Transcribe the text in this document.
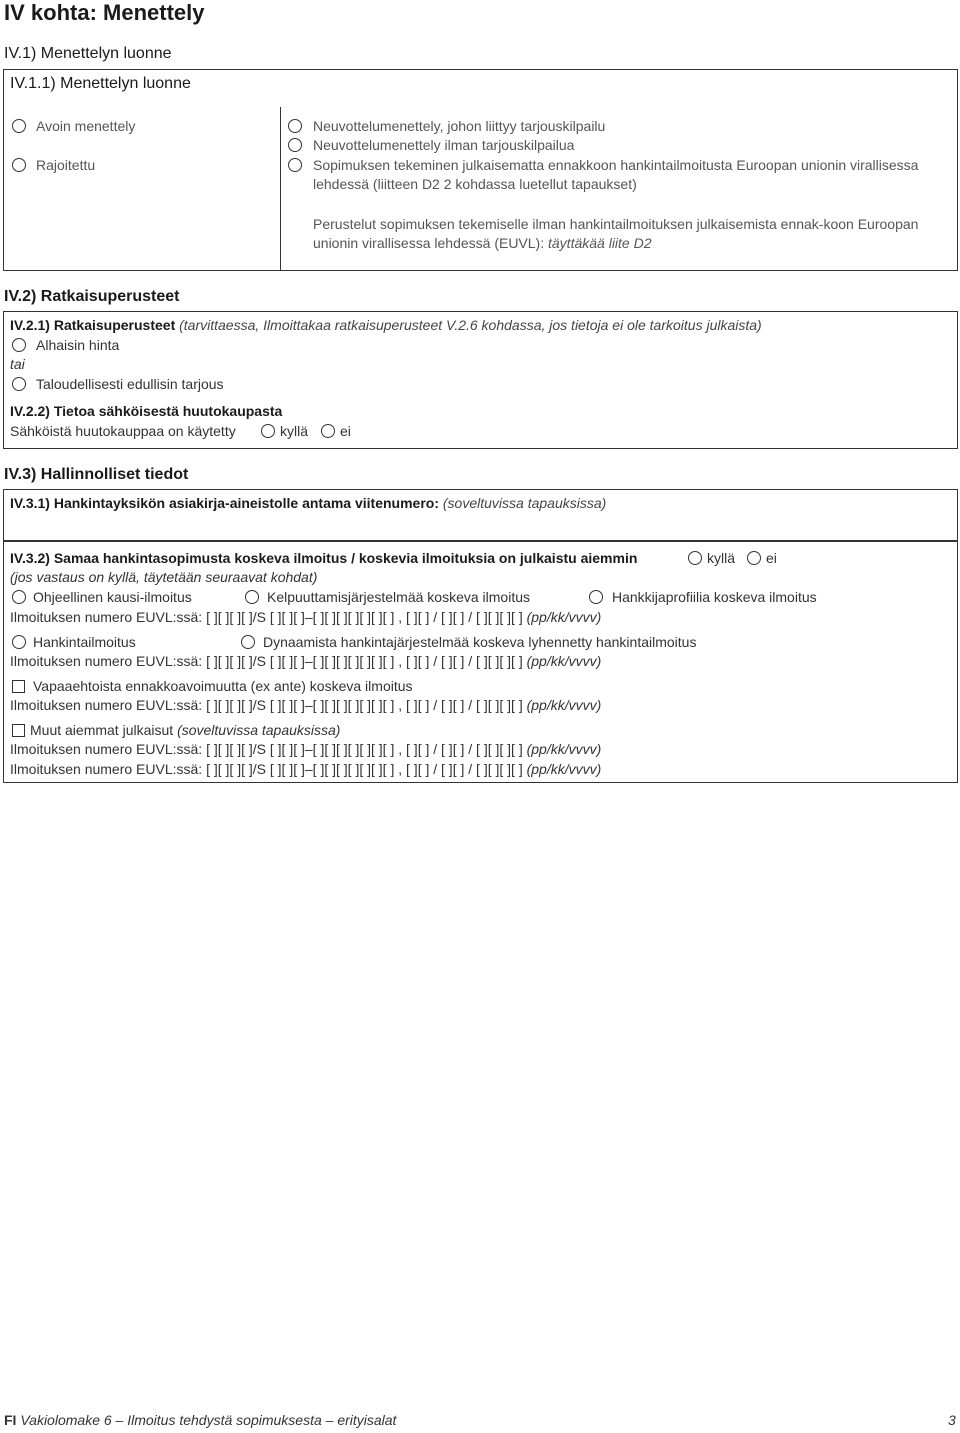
IV kohta: Menettely
IV.1) Menettelyn luonne
IV.1.1) Menettelyn luonne
Avoin menettely
Rajoitettu
Neuvottelumenettely, johon liittyy tarjouskilpailu
Neuvottelumenettely ilman tarjouskilpailua
Sopimuksen tekeminen julkaisematta ennakkoon hankintailmoitusta Euroopan unionin virallisessa
lehdessä (liitteen D2 2 kohdassa luetellut tapaukset)
Perustelut sopimuksen tekemiselle ilman hankintailmoituksen julkaisemista ennak-koon Euroopan
unionin virallisessa lehdessä (EUVL): täyttäkää liite D2
IV.2) Ratkaisuperusteet
IV.2.1) Ratkaisuperusteet (tarvittaessa, Ilmoittakaa ratkaisuperusteet V.2.6 kohdassa, jos tietoja ei ole tarkoitus julkaista)
Alhaisin hinta
tai
Taloudellisesti edullisin tarjous
IV.2.2) Tietoa sähköisestä huutokaupasta
Sähköistä huutokauppaa on käytetty	kyllä ei
IV.3) Hallinnolliset tiedot
IV.3.1) Hankintayksikön asiakirja-aineistolle antama viitenumero: (soveltuvissa tapauksissa)
IV.3.2) Samaa hankintasopimusta koskeva ilmoitus / koskevia ilmoituksia on julkaistu aiemmin	kyllä ei
(jos vastaus on kyllä, täytetään seuraavat kohdat)
Ohjeellinen kausi-ilmoitus	Kelpuuttamisjärjestelmää koskeva ilmoitus	Hankkijaprofiilia koskeva ilmoitus
Ilmoituksen numero EUVL:ssä: [ ][ ][ ][ ]/S [ ][ ][ ]–[ ][ ][ ][ ][ ][ ][ ] , [ ][ ] / [ ][ ] / [ ][ ][ ][ ] (pp/kk/vvvv)
Hankintailmoitus	Dynaamista hankintajärjestelmää koskeva lyhennetty hankintailmoitus
Ilmoituksen numero EUVL:ssä: [ ][ ][ ][ ]/S [ ][ ][ ]–[ ][ ][ ][ ][ ][ ][ ] , [ ][ ] / [ ][ ] / [ ][ ][ ][ ] (pp/kk/vvvv)
Vapaaehtoista ennakkoavoimuutta (ex ante) koskeva ilmoitus
Ilmoituksen numero EUVL:ssä: [ ][ ][ ][ ]/S [ ][ ][ ]–[ ][ ][ ][ ][ ][ ][ ] , [ ][ ] / [ ][ ] / [ ][ ][ ][ ] (pp/kk/vvvv)
Muut aiemmat julkaisut (soveltuvissa tapauksissa)
Ilmoituksen numero EUVL:ssä: [ ][ ][ ][ ]/S [ ][ ][ ]–[ ][ ][ ][ ][ ][ ][ ] , [ ][ ] / [ ][ ] / [ ][ ][ ][ ] (pp/kk/vvvv)
Ilmoituksen numero EUVL:ssä: [ ][ ][ ][ ]/S [ ][ ][ ]–[ ][ ][ ][ ][ ][ ][ ] , [ ][ ] / [ ][ ] / [ ][ ][ ][ ] (pp/kk/vvvv)
FI Vakiolomake 6 – Ilmoitus tehdystä sopimuksesta – erityisalat	3
